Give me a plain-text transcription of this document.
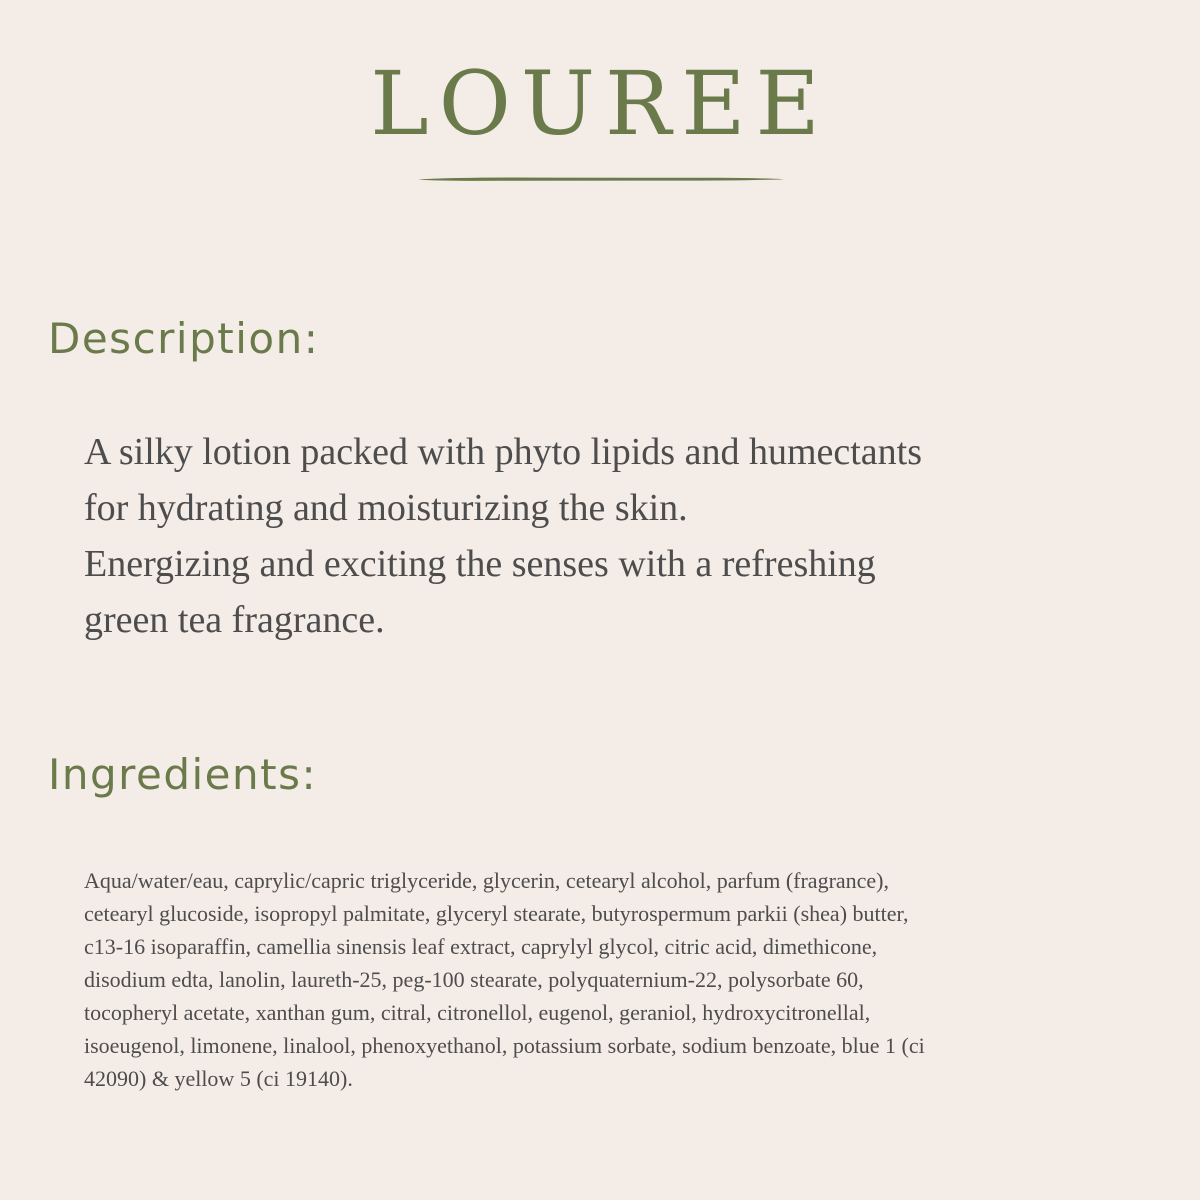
LOUREE
Description:
A silky lotion packed with phyto lipids and humectants
for hydrating and moisturizing the skin.
Energizing and exciting the senses with a refreshing
green tea fragrance.
Ingredients:
Aqua/water/eau, caprylic/capric triglyceride, glycerin, cetearyl alcohol, parfum (fragrance),
cetearyl glucoside, isopropyl palmitate, glyceryl stearate, butyrospermum parkii (shea) butter,
c13-16 isoparaffin, camellia sinensis leaf extract, caprylyl glycol, citric acid, dimethicone,
disodium edta, lanolin, laureth-25, peg-100 stearate, polyquaternium-22, polysorbate 60,
tocopheryl acetate, xanthan gum, citral, citronellol, eugenol, geraniol, hydroxycitronellal,
isoeugenol, limonene, linalool, phenoxyethanol, potassium sorbate, sodium benzoate, blue 1 (ci
42090) & yellow 5 (ci 19140).
